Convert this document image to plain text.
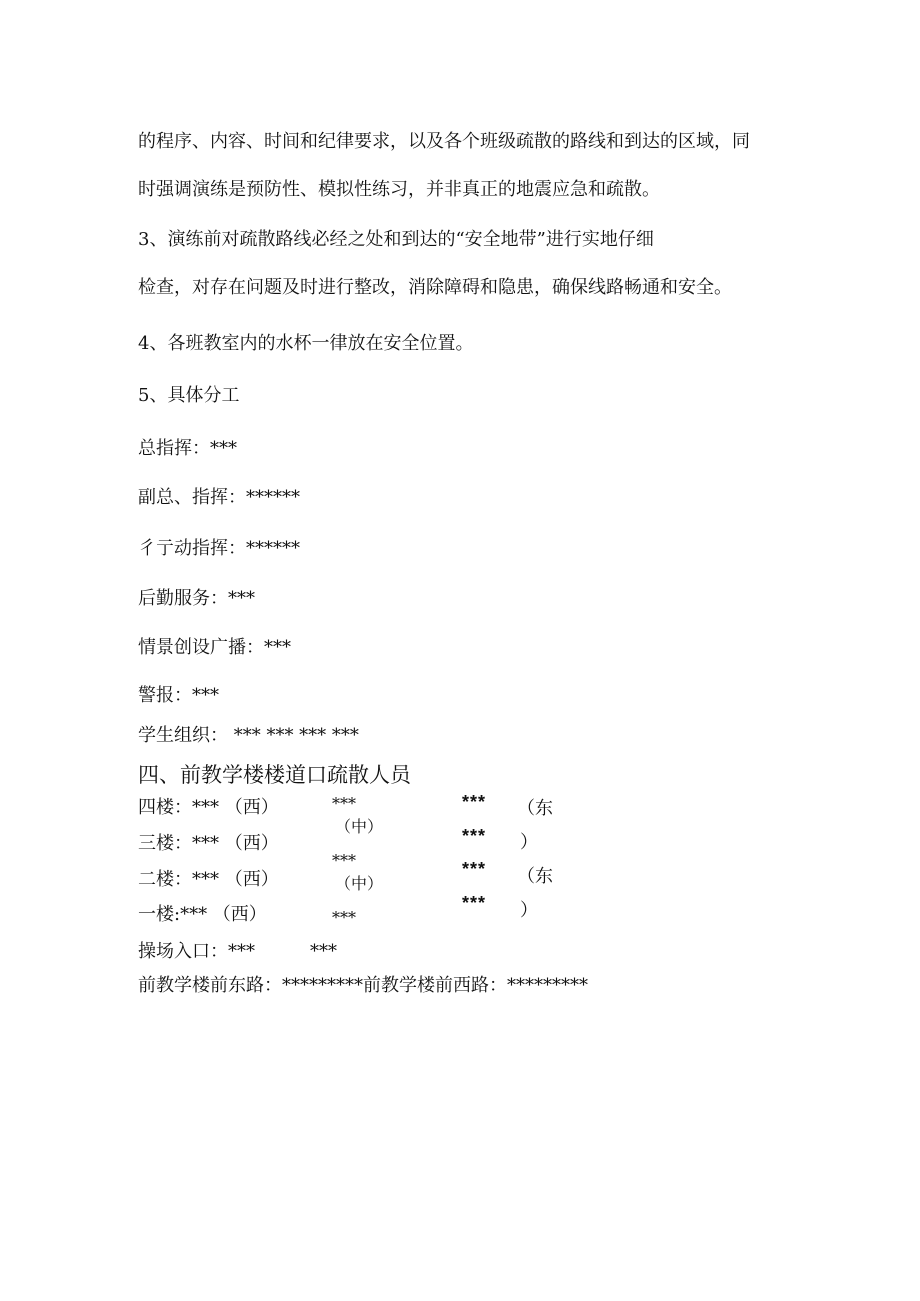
的程序、内容、时间和纪律要求，以及各个班级疏散的路线和到达的区域，同
时强调演练是预防性、模拟性练习，并非真正的地震应急和疏散。
3、演练前对疏散路线必经之处和到达的“安全地带”进行实地仔细
检查，对存在问题及时进行整改，消除障碍和隐患，确保线路畅通和安全。
4、各班教室内的水杯一律放在安全位置。
5、具体分工
总指挥：***
副总、指挥：******
彳亍动指挥：******
后勤服务：***
情景创设广播：***
警报：***
学生组织： *** *** *** ***
四、前教学楼楼道口疏散人员
四楼：*** （西）
三楼：*** （西）
二楼：*** （西）
一楼:*** （西）
***
（中）
***
（中）
***
***
***
***
***
（东
）
（东
）
操场入口：***	***
前教学楼前东路：*********前教学楼前西路：*********
